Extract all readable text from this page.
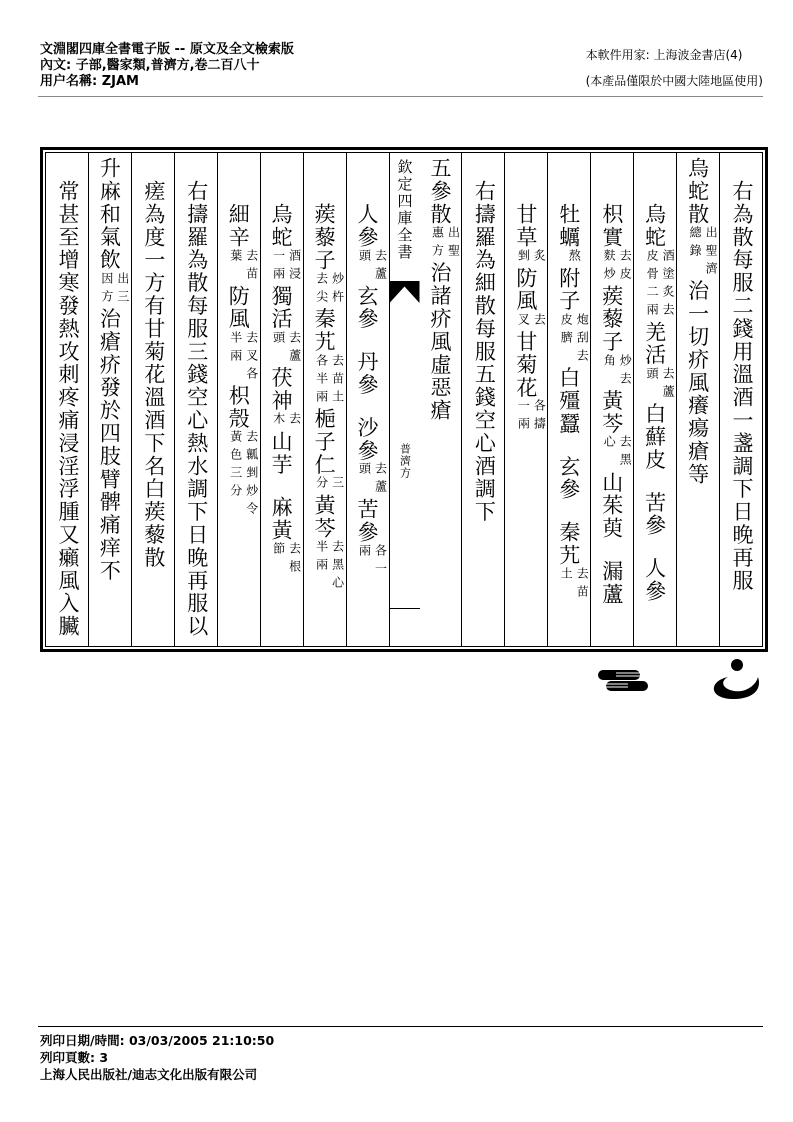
文淵閣四庫全書電子版 -- 原文及全文檢索版
內文: 子部,醫家類,普濟方,卷二百八十
用户名稱: ZJAM
本軟件用家: 上海波金書店(4)
(本產品僅限於中國大陸地區使用)
右為散每服二錢用溫酒一盞調下日晚再服
烏蛇散
出聖濟
總錄
治一切疥風癢瘍瘡等
烏蛇
酒塗炙去
皮骨二兩
羌活
去蘆
頭
白蘚皮苦參人參
枳實
去皮
麩炒
蒺藜子
炒去
角
黃芩
去黑
心
山茱萸漏蘆
牡蠣
熬
附子
炮刮去
皮臍
白殭蠶玄參秦艽
去苗
土
甘草
炙
剉
防風
去
叉
甘菊花
各擣
一兩
右擣羅為細散每服五錢空心酒調下
五參散
出聖
惠方
治諸疥風虛惡瘡
欽定四庫全書
普濟方
人參
去蘆
頭
玄參丹參沙參
去蘆
頭
苦參
各一
兩
蒺藜子
炒杵
去尖
秦艽
去苗土
各半兩
梔子仁
三
分
黃芩
去黑心
半兩
烏蛇
酒浸
一兩
獨活
去蘆
頭
茯神
去
木
山芋麻黃
去根
節
細辛
去苗
葉
防風
去叉各
半兩
枳殼
去瓤剉炒令
黃色三分
右擣羅為散每服三錢空心熱水調下日晚再服以
瘥為度一方有甘菊花溫酒下名白蒺藜散
升麻和氣飲
出三
因方
治瘡疥發於四肢臂髀痛痒不
常甚至增寒發熱攻刺疼痛浸淫浮腫又癩風入臟
列印日期/時間: 03/03/2005 21:10:50
列印頁數: 3
上海人民出版社/迪志文化出版有限公司
